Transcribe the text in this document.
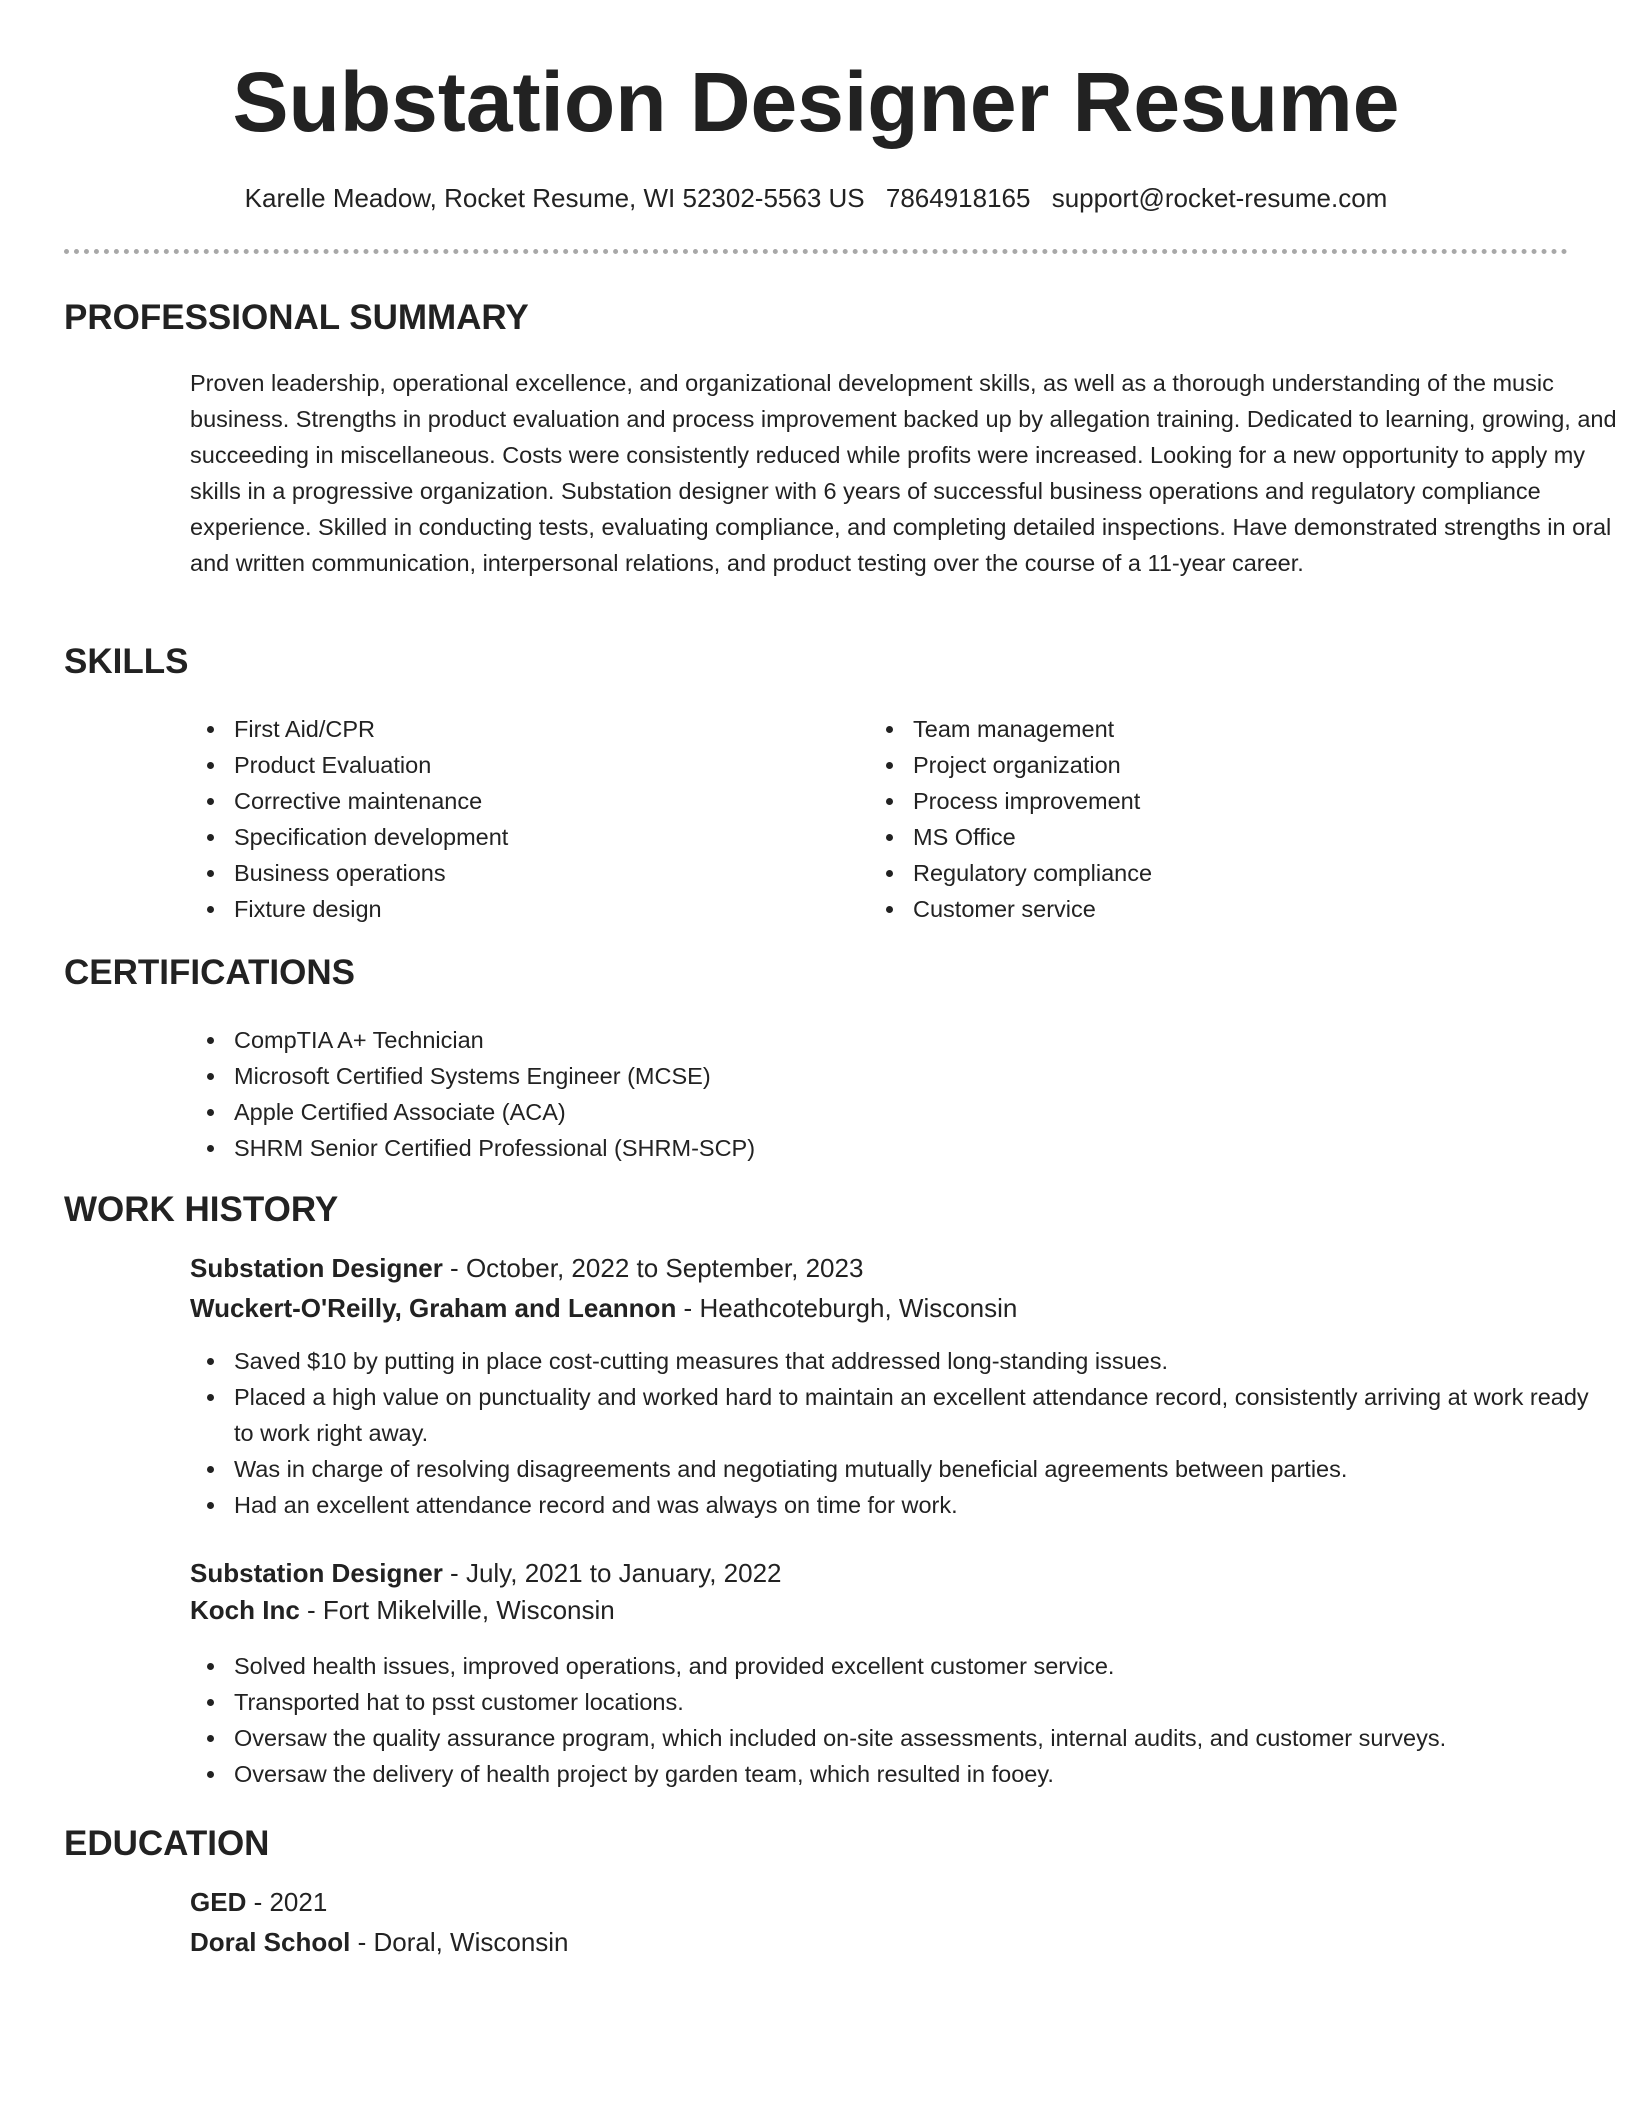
Substation Designer Resume
Karelle Meadow, Rocket Resume, WI 52302-5563 US 7864918165 support@rocket-resume.com
PROFESSIONAL SUMMARY

Proven leadership, operational excellence, and organizational development skills, as well as a thorough understanding of the music business. Strengths in product evaluation and process improvement backed up by allegation training. Dedicated to learning, growing, and succeeding in miscellaneous. Costs were consistently reduced while profits were increased. Looking for a new opportunity to apply my skills in a progressive organization. Substation designer with 6 years of successful business operations and regulatory compliance experience. Skilled in conducting tests, evaluating compliance, and completing detailed inspections. Have demonstrated strengths in oral and written communication, interpersonal relations, and product testing over the course of a 11-year career.

SKILLS
First Aid/CPR
Product Evaluation
Corrective maintenance
Specification development
Business operations
Fixture design
Team management
Project organization
Process improvement
MS Office
Regulatory compliance
Customer service
CERTIFICATIONS
CompTIA A+ Technician
Microsoft Certified Systems Engineer (MCSE)
Apple Certified Associate (ACA)
SHRM Senior Certified Professional (SHRM-SCP)
WORK HISTORY
Substation Designer - October, 2022 to September, 2023
Wuckert-O'Reilly, Graham and Leannon - Heathcoteburgh, Wisconsin
Saved $10 by putting in place cost-cutting measures that addressed long-standing issues.
Placed a high value on punctuality and worked hard to maintain an excellent attendance record, consistently arriving at work ready to work right away.
Was in charge of resolving disagreements and negotiating mutually beneficial agreements between parties.
Had an excellent attendance record and was always on time for work.
Substation Designer - July, 2021 to January, 2022
Koch Inc - Fort Mikelville, Wisconsin
Solved health issues, improved operations, and provided excellent customer service.
Transported hat to psst customer locations.
Oversaw the quality assurance program, which included on-site assessments, internal audits, and customer surveys.
Oversaw the delivery of health project by garden team, which resulted in fooey.
EDUCATION
GED - 2021
Doral School - Doral, Wisconsin
